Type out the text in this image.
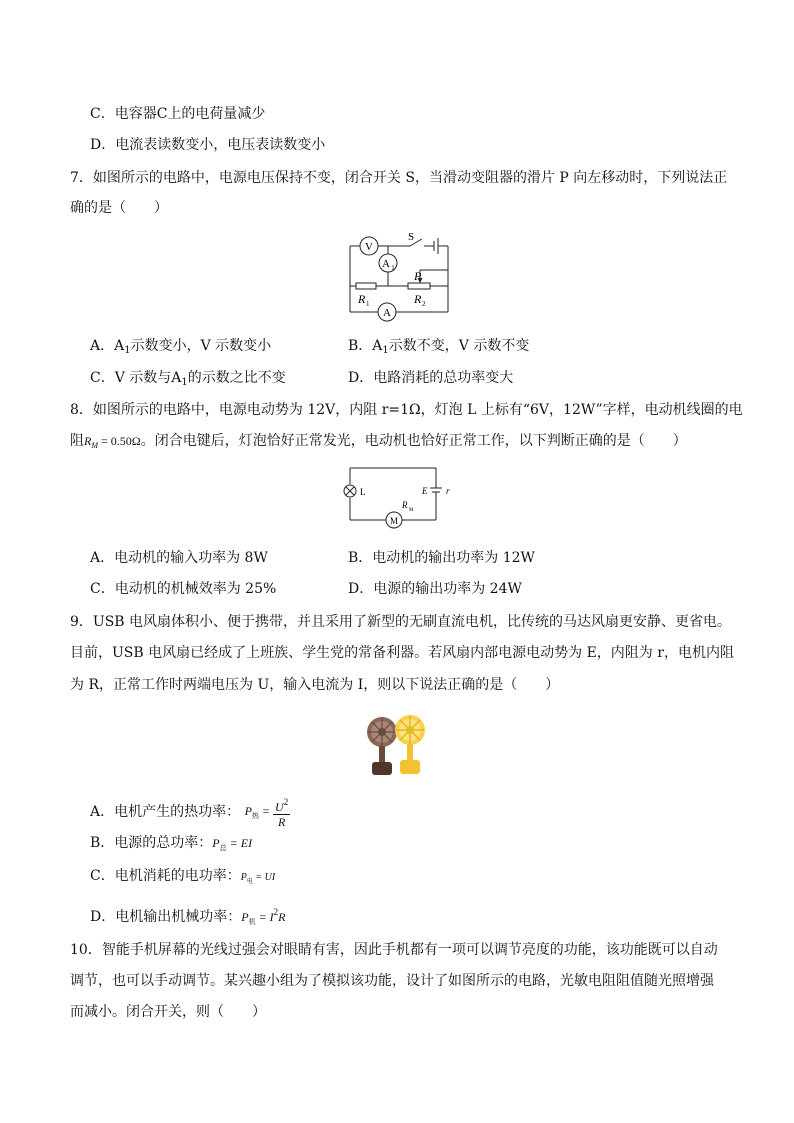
C．电容器C上的电荷量减少
D．电流表读数变小，电压表读数变小
7．如图所示的电路中，电源电压保持不变，闭合开关 S，当滑动变阻器的滑片 P 向左移动时，下列说法正
确的是（　　）
V
A 1
A
S
P
R 1	R 2
A．$A_1$示数变小，V 示数变小	B．$A_1$示数不变，V 示数不变
C．V 示数与$A_1$的示数之比不变	D．电路消耗的总功率变大
8．如图所示的电路中，电源电动势为 12V，内阻 r=1Ω，灯泡 L 上标有“6V，12W”字样，电动机线圈的电
阻$R_M = 0.50\Omega$。闭合电键后，灯泡恰好正常发光，电动机也恰好正常工作，以下判断正确的是（　　）
L	E r
M
R
M
A．电动机的输入功率为 8W	B．电动机的输出功率为 12W
C．电动机的机械效率为 25%	D．电源的输出功率为 24W
9．USB 电风扇体积小、便于携带，并且采用了新型的无刷直流电机，比传统的马达风扇更安静、更省电。
目前，USB 电风扇已经成了上班族、学生党的常备利器。若风扇内部电源电动势为 E，内阻为 r，电机内阻
为 R，正常工作时两端电压为 U，输入电流为 I，则以下说法正确的是（　　）
A．电机产生的热功率： $P_热 = \frac{U^2}{R}$
B．电源的总功率：$P_总$ = EI
C．电机消耗的电功率：$P_电$ = UI
D．电机输出机械功率：$P_机 = I^2R$
10．智能手机屏幕的光线过强会对眼睛有害，因此手机都有一项可以调节亮度的功能，该功能既可以自动
调节，也可以手动调节。某兴趣小组为了模拟该功能，设计了如图所示的电路，光敏电阻阻值随光照增强
而减小。闭合开关，则（　　）
